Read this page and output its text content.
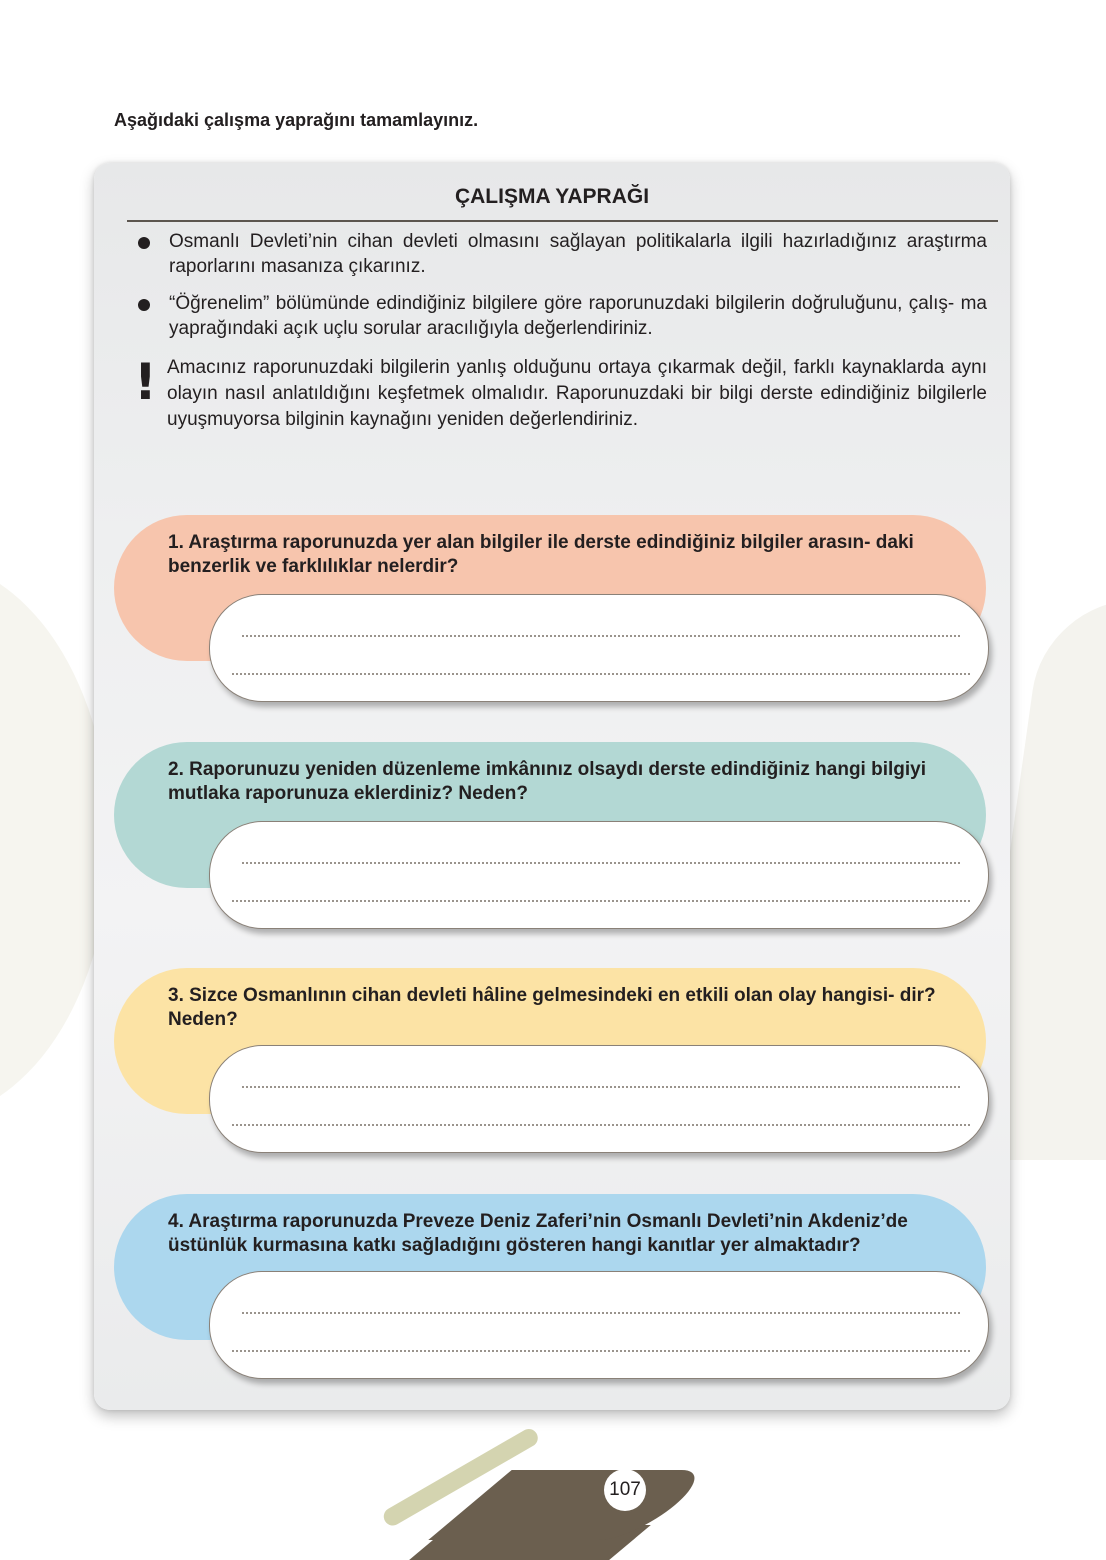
Aşağıdaki çalışma yaprağını tamamlayınız.
ÇALIŞMA YAPRAĞI
Osmanlı Devleti’nin cihan devleti olmasını sağlayan politikalarla ilgili hazırladığınız araştırma raporlarını masanıza çıkarınız.
“Öğrenelim” bölümünde edindiğiniz bilgilere göre raporunuzdaki bilgilerin doğruluğunu, çalış- ma yaprağındaki açık uçlu sorular aracılığıyla değerlendiriniz.
! Amacınız raporunuzdaki bilgilerin yanlış olduğunu ortaya çıkarmak değil, farklı kaynaklarda aynı olayın nasıl anlatıldığını keşfetmek olmalıdır. Raporunuzdaki bir bilgi derste edindiğiniz bilgilerle uyuşmuyorsa bilginin kaynağını yeniden değerlendiriniz.
1. Araştırma raporunuzda yer alan bilgiler ile derste edindiğiniz bilgiler arasın- daki benzerlik ve farklılıklar nelerdir?
2. Raporunuzu yeniden düzenleme imkânınız olsaydı derste edindiğiniz hangi bilgiyi mutlaka raporunuza eklerdiniz? Neden?
3. Sizce Osmanlının cihan devleti hâline gelmesindeki en etkili olan olay hangisi- dir? Neden?
4. Araştırma raporunuzda Preveze Deniz Zaferi’nin Osmanlı Devleti’nin Akdeniz’de üstünlük kurmasına katkı sağladığını gösteren hangi kanıtlar yer almaktadır?
107
